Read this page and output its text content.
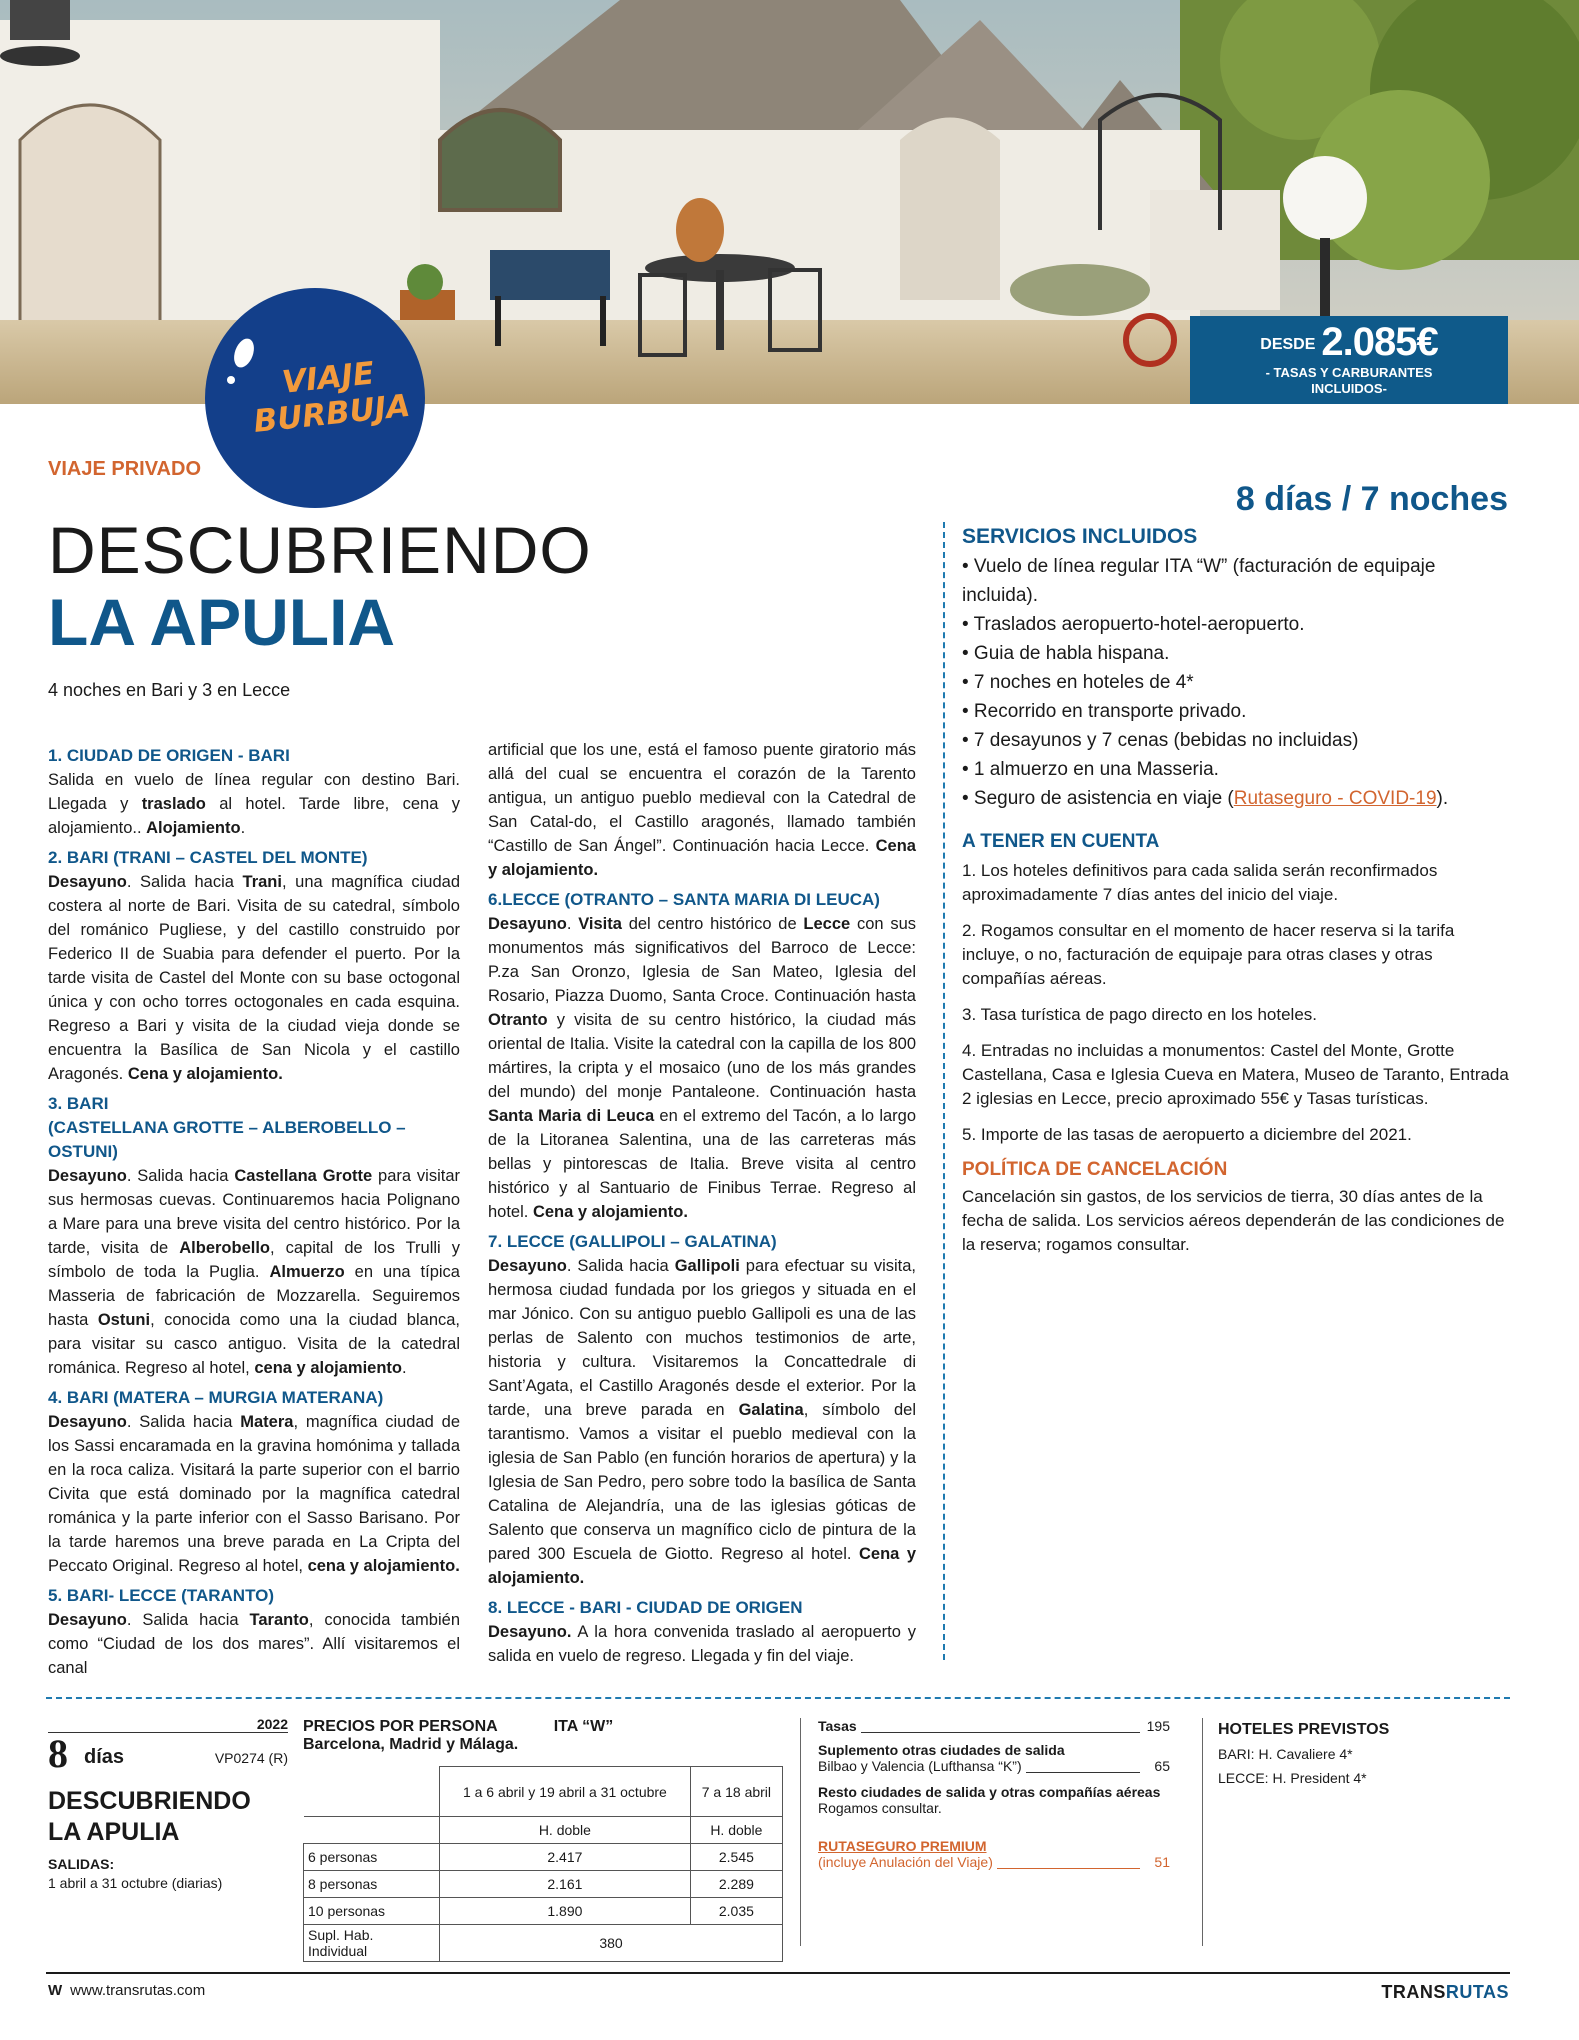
DESDE 2.085€
- TASAS Y CARBURANTES
INCLUIDOS-
VIAJE
BURBUJA
VIAJE PRIVADO
DESCUBRIENDO
LA APULIA
4 noches en Bari y 3 en Lecce
8 días / 7 noches
1. CIUDAD DE ORIGEN - BARI

Salida en vuelo de línea regular con destino Bari. Llegada y traslado al hotel. Tarde libre, cena y alojamiento.. Alojamiento.

2. BARI (TRANI – CASTEL DEL MONTE)

Desayuno. Salida hacia Trani, una magnífica ciudad costera al norte de Bari. Visita de su catedral, símbolo del románico Pugliese, y del castillo construido por Federico II de Suabia para defender el puerto. Por la tarde visita de Castel del Monte con su base octogonal única y con ocho torres octogonales en cada esquina. Regreso a Bari y visita de la ciudad vieja donde se encuentra la Basílica de San Nicola y el castillo Aragonés. Cena y alojamiento.

3. BARI
(CASTELLANA GROTTE – ALBEROBELLO – OSTUNI)

Desayuno. Salida hacia Castellana Grotte para visitar sus hermosas cuevas. Continuaremos hacia Polignano a Mare para una breve visita del centro histórico. Por la tarde, visita de Alberobello, capital de los Trulli y símbolo de toda la Puglia. Almuerzo en una típica Masseria de fabricación de Mozzarella. Seguiremos hasta Ostuni, conocida como una la ciudad blanca, para visitar su casco antiguo. Visita de la catedral románica. Regreso al hotel, cena y alojamiento.

4. BARI (MATERA – MURGIA MATERANA)

Desayuno. Salida hacia Matera, magnífica ciudad de los Sassi encaramada en la gravina homónima y tallada en la roca caliza. Visitará la parte superior con el barrio Civita que está dominado por la magnífica catedral románica y la parte inferior con el Sasso Barisano. Por la tarde haremos una breve parada en La Cripta del Peccato Original. Regreso al hotel, cena y alojamiento.

5. BARI- LECCE (TARANTO)

Desayuno. Salida hacia Taranto, conocida también como “Ciudad de los dos mares”. Allí visitaremos el canal

artificial que los une, está el famoso puente giratorio más allá del cual se encuentra el corazón de la Tarento antigua, un antiguo pueblo medieval con la Catedral de San Catal-do, el Castillo aragonés, llamado también “Castillo de San Ángel”. Continuación hacia Lecce. Cena y alojamiento.

6.LECCE (OTRANTO – SANTA MARIA DI LEUCA)

Desayuno. Visita del centro histórico de Lecce con sus monumentos más significativos del Barroco de Lecce: P.za San Oronzo, Iglesia de San Mateo, Iglesia del Rosario, Piazza Duomo, Santa Croce. Continuación hasta Otranto y visita de su centro histórico, la ciudad más oriental de Italia. Visite la catedral con la capilla de los 800 mártires, la cripta y el mosaico (uno de los más grandes del mundo) del monje Pantaleone. Continuación hasta Santa Maria di Leuca en el extremo del Tacón, a lo largo de la Litoranea Salentina, una de las carreteras más bellas y pintorescas de Italia. Breve visita al centro histórico y al Santuario de Finibus Terrae. Regreso al hotel. Cena y alojamiento.

7. LECCE (GALLIPOLI – GALATINA)

Desayuno. Salida hacia Gallipoli para efectuar su visita, hermosa ciudad fundada por los griegos y situada en el mar Jónico. Con su antiguo pueblo Gallipoli es una de las perlas de Salento con muchos testimonios de arte, historia y cultura. Visitaremos la Concattedrale di Sant’Agata, el Castillo Aragonés desde el exterior. Por la tarde, una breve parada en Galatina, símbolo del tarantismo. Vamos a visitar el pueblo medieval con la iglesia de San Pablo (en función horarios de apertura) y la Iglesia de San Pedro, pero sobre todo la basílica de Santa Catalina de Alejandría, una de las iglesias góticas de Salento que conserva un magnífico ciclo de pintura de la pared 300 Escuela de Giotto. Regreso al hotel. Cena y alojamiento.

8. LECCE - BARI - CIUDAD DE ORIGEN

Desayuno. A la hora convenida traslado al aeropuerto y salida en vuelo de regreso. Llegada y fin del viaje.

SERVICIOS INCLUIDOS
• Vuelo de línea regular ITA “W” (facturación de equipaje incluida).
• Traslados aeropuerto-hotel-aeropuerto.
• Guia de habla hispana.
• 7 noches en hoteles de 4*
• Recorrido en transporte privado.
• 7 desayunos y 7 cenas (bebidas no incluidas)
• 1 almuerzo en una Masseria.
• Seguro de asistencia en viaje (Rutaseguro - COVID-19).
A TENER EN CUENTA
1. Los hoteles definitivos para cada salida serán reconfirmados aproximadamente 7 días antes del inicio del viaje.
2. Rogamos consultar en el momento de hacer reserva si la tarifa incluye, o no, facturación de equipaje para otras clases y otras compañías aéreas.
3. Tasa turística de pago directo en los hoteles.
4. Entradas no incluidas a monumentos: Castel del Monte, Grotte Castellana, Casa e Iglesia Cueva en Matera, Museo de Taranto, Entrada 2 iglesias en Lecce, precio aproximado 55€ y Tasas turísticas.
5. Importe de las tasas de aeropuerto a diciembre del 2021.
POLÍTICA DE CANCELACIÓN
Cancelación sin gastos, de los servicios de tierra, 30 días antes de la fecha de salida. Los servicios aéreos dependerán de las condiciones de la reserva; rogamos consultar.
2022
8 días	VP0274 (R)
DESCUBRIENDO
LA APULIA
SALIDAS:
1 abril a 31 octubre (diarias)
PRECIOS POR PERSONA	ITA “W”
Barcelona, Madrid y Málaga.
	1 a 6 abril y 19 abril a 31 octubre	7 a 18 abril
	H. doble	H. doble
6 personas	2.417	2.545
8 personas	2.161	2.289
10 personas	1.890	2.035
Supl. Hab. Individual	380	
Tasas	195
Suplemento otras ciudades de salida
Bilbao y Valencia (Lufthansa “K”)	65
Resto ciudades de salida y otras compañías aéreas
Rogamos consultar.
RUTASEGURO PREMIUM
(incluye Anulación del Viaje)	51
HOTELES PREVISTOS
BARI: H. Cavaliere 4*
LECCE: H. President 4*
W www.transrutas.com	TRANSRUTAS
